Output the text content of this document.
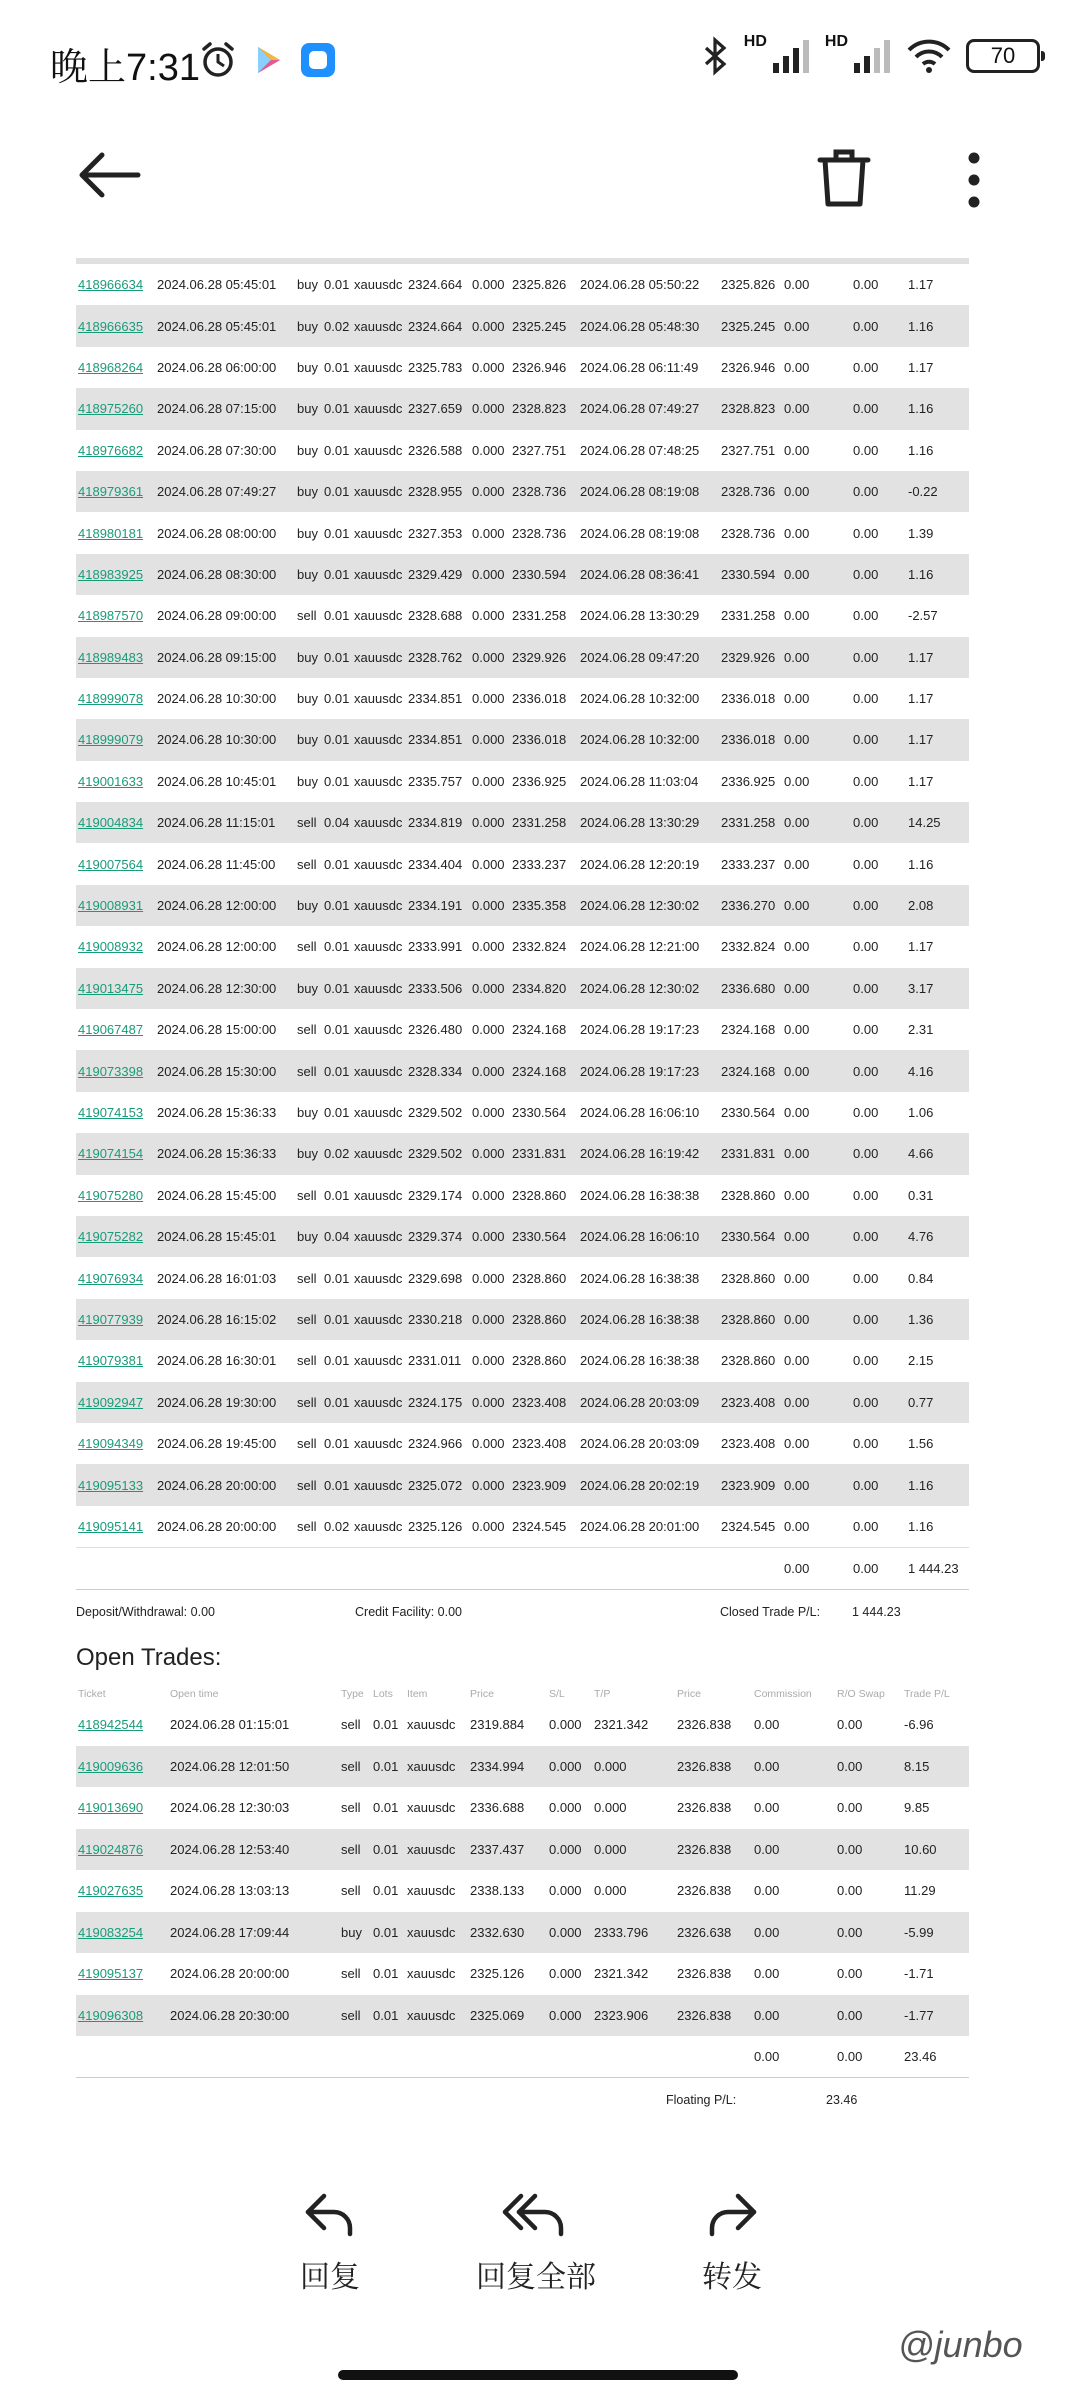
晚上7:31
HD	HD
70
418966634	2024.06.28 05:45:01	buy	0.01	xauusdc	2324.664	0.000	2325.826	2024.06.28 05:50:22	2325.826	0.00	0.00	1.17
418966635	2024.06.28 05:45:01	buy	0.02	xauusdc	2324.664	0.000	2325.245	2024.06.28 05:48:30	2325.245	0.00	0.00	1.16
418968264	2024.06.28 06:00:00	buy	0.01	xauusdc	2325.783	0.000	2326.946	2024.06.28 06:11:49	2326.946	0.00	0.00	1.17
418975260	2024.06.28 07:15:00	buy	0.01	xauusdc	2327.659	0.000	2328.823	2024.06.28 07:49:27	2328.823	0.00	0.00	1.16
418976682	2024.06.28 07:30:00	buy	0.01	xauusdc	2326.588	0.000	2327.751	2024.06.28 07:48:25	2327.751	0.00	0.00	1.16
418979361	2024.06.28 07:49:27	buy	0.01	xauusdc	2328.955	0.000	2328.736	2024.06.28 08:19:08	2328.736	0.00	0.00	-0.22
418980181	2024.06.28 08:00:00	buy	0.01	xauusdc	2327.353	0.000	2328.736	2024.06.28 08:19:08	2328.736	0.00	0.00	1.39
418983925	2024.06.28 08:30:00	buy	0.01	xauusdc	2329.429	0.000	2330.594	2024.06.28 08:36:41	2330.594	0.00	0.00	1.16
418987570	2024.06.28 09:00:00	sell	0.01	xauusdc	2328.688	0.000	2331.258	2024.06.28 13:30:29	2331.258	0.00	0.00	-2.57
418989483	2024.06.28 09:15:00	buy	0.01	xauusdc	2328.762	0.000	2329.926	2024.06.28 09:47:20	2329.926	0.00	0.00	1.17
418999078	2024.06.28 10:30:00	buy	0.01	xauusdc	2334.851	0.000	2336.018	2024.06.28 10:32:00	2336.018	0.00	0.00	1.17
418999079	2024.06.28 10:30:00	buy	0.01	xauusdc	2334.851	0.000	2336.018	2024.06.28 10:32:00	2336.018	0.00	0.00	1.17
419001633	2024.06.28 10:45:01	buy	0.01	xauusdc	2335.757	0.000	2336.925	2024.06.28 11:03:04	2336.925	0.00	0.00	1.17
419004834	2024.06.28 11:15:01	sell	0.04	xauusdc	2334.819	0.000	2331.258	2024.06.28 13:30:29	2331.258	0.00	0.00	14.25
419007564	2024.06.28 11:45:00	sell	0.01	xauusdc	2334.404	0.000	2333.237	2024.06.28 12:20:19	2333.237	0.00	0.00	1.16
419008931	2024.06.28 12:00:00	buy	0.01	xauusdc	2334.191	0.000	2335.358	2024.06.28 12:30:02	2336.270	0.00	0.00	2.08
419008932	2024.06.28 12:00:00	sell	0.01	xauusdc	2333.991	0.000	2332.824	2024.06.28 12:21:00	2332.824	0.00	0.00	1.17
419013475	2024.06.28 12:30:00	buy	0.01	xauusdc	2333.506	0.000	2334.820	2024.06.28 12:30:02	2336.680	0.00	0.00	3.17
419067487	2024.06.28 15:00:00	sell	0.01	xauusdc	2326.480	0.000	2324.168	2024.06.28 19:17:23	2324.168	0.00	0.00	2.31
419073398	2024.06.28 15:30:00	sell	0.01	xauusdc	2328.334	0.000	2324.168	2024.06.28 19:17:23	2324.168	0.00	0.00	4.16
419074153	2024.06.28 15:36:33	buy	0.01	xauusdc	2329.502	0.000	2330.564	2024.06.28 16:06:10	2330.564	0.00	0.00	1.06
419074154	2024.06.28 15:36:33	buy	0.02	xauusdc	2329.502	0.000	2331.831	2024.06.28 16:19:42	2331.831	0.00	0.00	4.66
419075280	2024.06.28 15:45:00	sell	0.01	xauusdc	2329.174	0.000	2328.860	2024.06.28 16:38:38	2328.860	0.00	0.00	0.31
419075282	2024.06.28 15:45:01	buy	0.04	xauusdc	2329.374	0.000	2330.564	2024.06.28 16:06:10	2330.564	0.00	0.00	4.76
419076934	2024.06.28 16:01:03	sell	0.01	xauusdc	2329.698	0.000	2328.860	2024.06.28 16:38:38	2328.860	0.00	0.00	0.84
419077939	2024.06.28 16:15:02	sell	0.01	xauusdc	2330.218	0.000	2328.860	2024.06.28 16:38:38	2328.860	0.00	0.00	1.36
419079381	2024.06.28 16:30:01	sell	0.01	xauusdc	2331.011	0.000	2328.860	2024.06.28 16:38:38	2328.860	0.00	0.00	2.15
419092947	2024.06.28 19:30:00	sell	0.01	xauusdc	2324.175	0.000	2323.408	2024.06.28 20:03:09	2323.408	0.00	0.00	0.77
419094349	2024.06.28 19:45:00	sell	0.01	xauusdc	2324.966	0.000	2323.408	2024.06.28 20:03:09	2323.408	0.00	0.00	1.56
419095133	2024.06.28 20:00:00	sell	0.01	xauusdc	2325.072	0.000	2323.909	2024.06.28 20:02:19	2323.909	0.00	0.00	1.16
419095141	2024.06.28 20:00:00	sell	0.02	xauusdc	2325.126	0.000	2324.545	2024.06.28 20:01:00	2324.545	0.00	0.00	1.16
										0.00	0.00	1 444.23
Deposit/Withdrawal: 0.00	Credit Facility: 0.00	Closed Trade P/L:	1 444.23
Open Trades:
Ticket	Open time	Type	Lots	Item	Price	S/L	T/P	Price	Commission	R/O Swap	Trade P/L
418942544	2024.06.28 01:15:01	sell	0.01	xauusdc	2319.884	0.000	2321.342	2326.838	0.00	0.00	-6.96
419009636	2024.06.28 12:01:50	sell	0.01	xauusdc	2334.994	0.000	0.000	2326.838	0.00	0.00	8.15
419013690	2024.06.28 12:30:03	sell	0.01	xauusdc	2336.688	0.000	0.000	2326.838	0.00	0.00	9.85
419024876	2024.06.28 12:53:40	sell	0.01	xauusdc	2337.437	0.000	0.000	2326.838	0.00	0.00	10.60
419027635	2024.06.28 13:03:13	sell	0.01	xauusdc	2338.133	0.000	0.000	2326.838	0.00	0.00	11.29
419083254	2024.06.28 17:09:44	buy	0.01	xauusdc	2332.630	0.000	2333.796	2326.638	0.00	0.00	-5.99
419095137	2024.06.28 20:00:00	sell	0.01	xauusdc	2325.126	0.000	2321.342	2326.838	0.00	0.00	-1.71
419096308	2024.06.28 20:30:00	sell	0.01	xauusdc	2325.069	0.000	2323.906	2326.838	0.00	0.00	-1.77
									0.00	0.00	23.46
Floating P/L:	23.46
回复	回复全部	转发
@junbo
